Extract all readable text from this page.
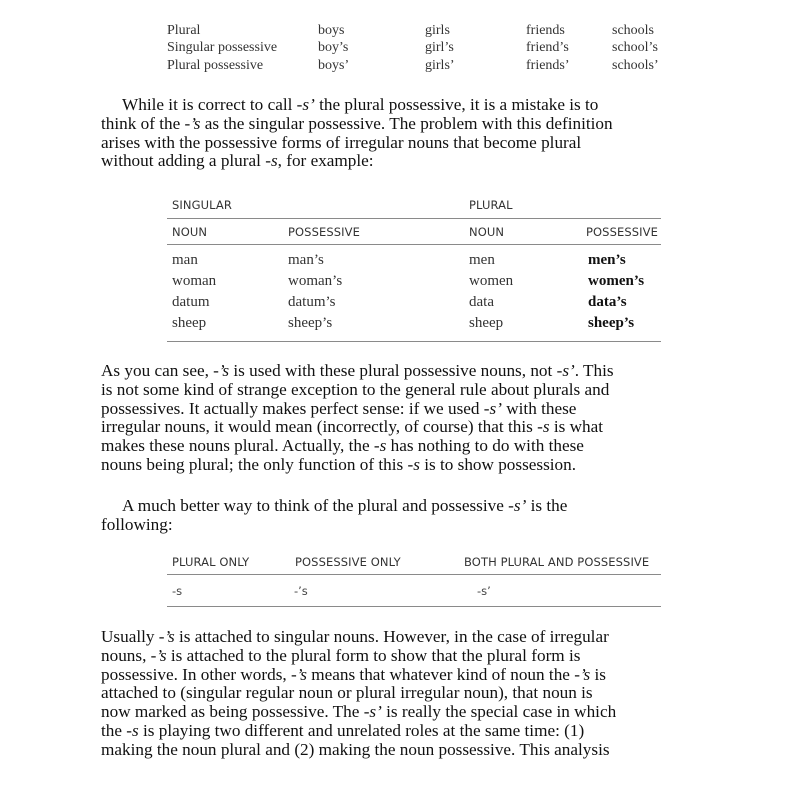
Plural	boys	girls	friends	schools
Singular possessive	boy’s	girl’s	friend’s	school’s
Plural possessive	boys’	girls’	friends’	schools’

While it is correct to call -s’ the plural possessive, it is a mistake is to
think of the -’s as the singular possessive. The problem with this definition
arises with the possessive forms of irregular nouns that become plural
without adding a plural -s, for example:

SINGULAR	PLURAL
NOUN	POSSESSIVE	NOUN	POSSESSIVE
man	man’s	men	men’s
woman	woman’s	women	women’s
datum	datum’s	data	data’s
sheep	sheep’s	sheep	sheep’s

As you can see, -’s is used with these plural possessive nouns, not -s’. This
is not some kind of strange exception to the general rule about plurals and
possessives. It actually makes perfect sense: if we used -s’ with these
irregular nouns, it would mean (incorrectly, of course) that this -s is what
makes these nouns plural. Actually, the -s has nothing to do with these
nouns being plural; the only function of this -s is to show possession.

A much better way to think of the plural and possessive -s’ is the
following:

PLURAL ONLY	POSSESSIVE ONLY	BOTH PLURAL AND POSSESSIVE
-s	-’s	-s’

Usually -’s is attached to singular nouns. However, in the case of irregular
nouns, -’s is attached to the plural form to show that the plural form is
possessive. In other words, -’s means that whatever kind of noun the -’s is
attached to (singular regular noun or plural irregular noun), that noun is
now marked as being possessive. The -s’ is really the special case in which
the -s is playing two different and unrelated roles at the same time: (1)
making the noun plural and (2) making the noun possessive. This analysis
